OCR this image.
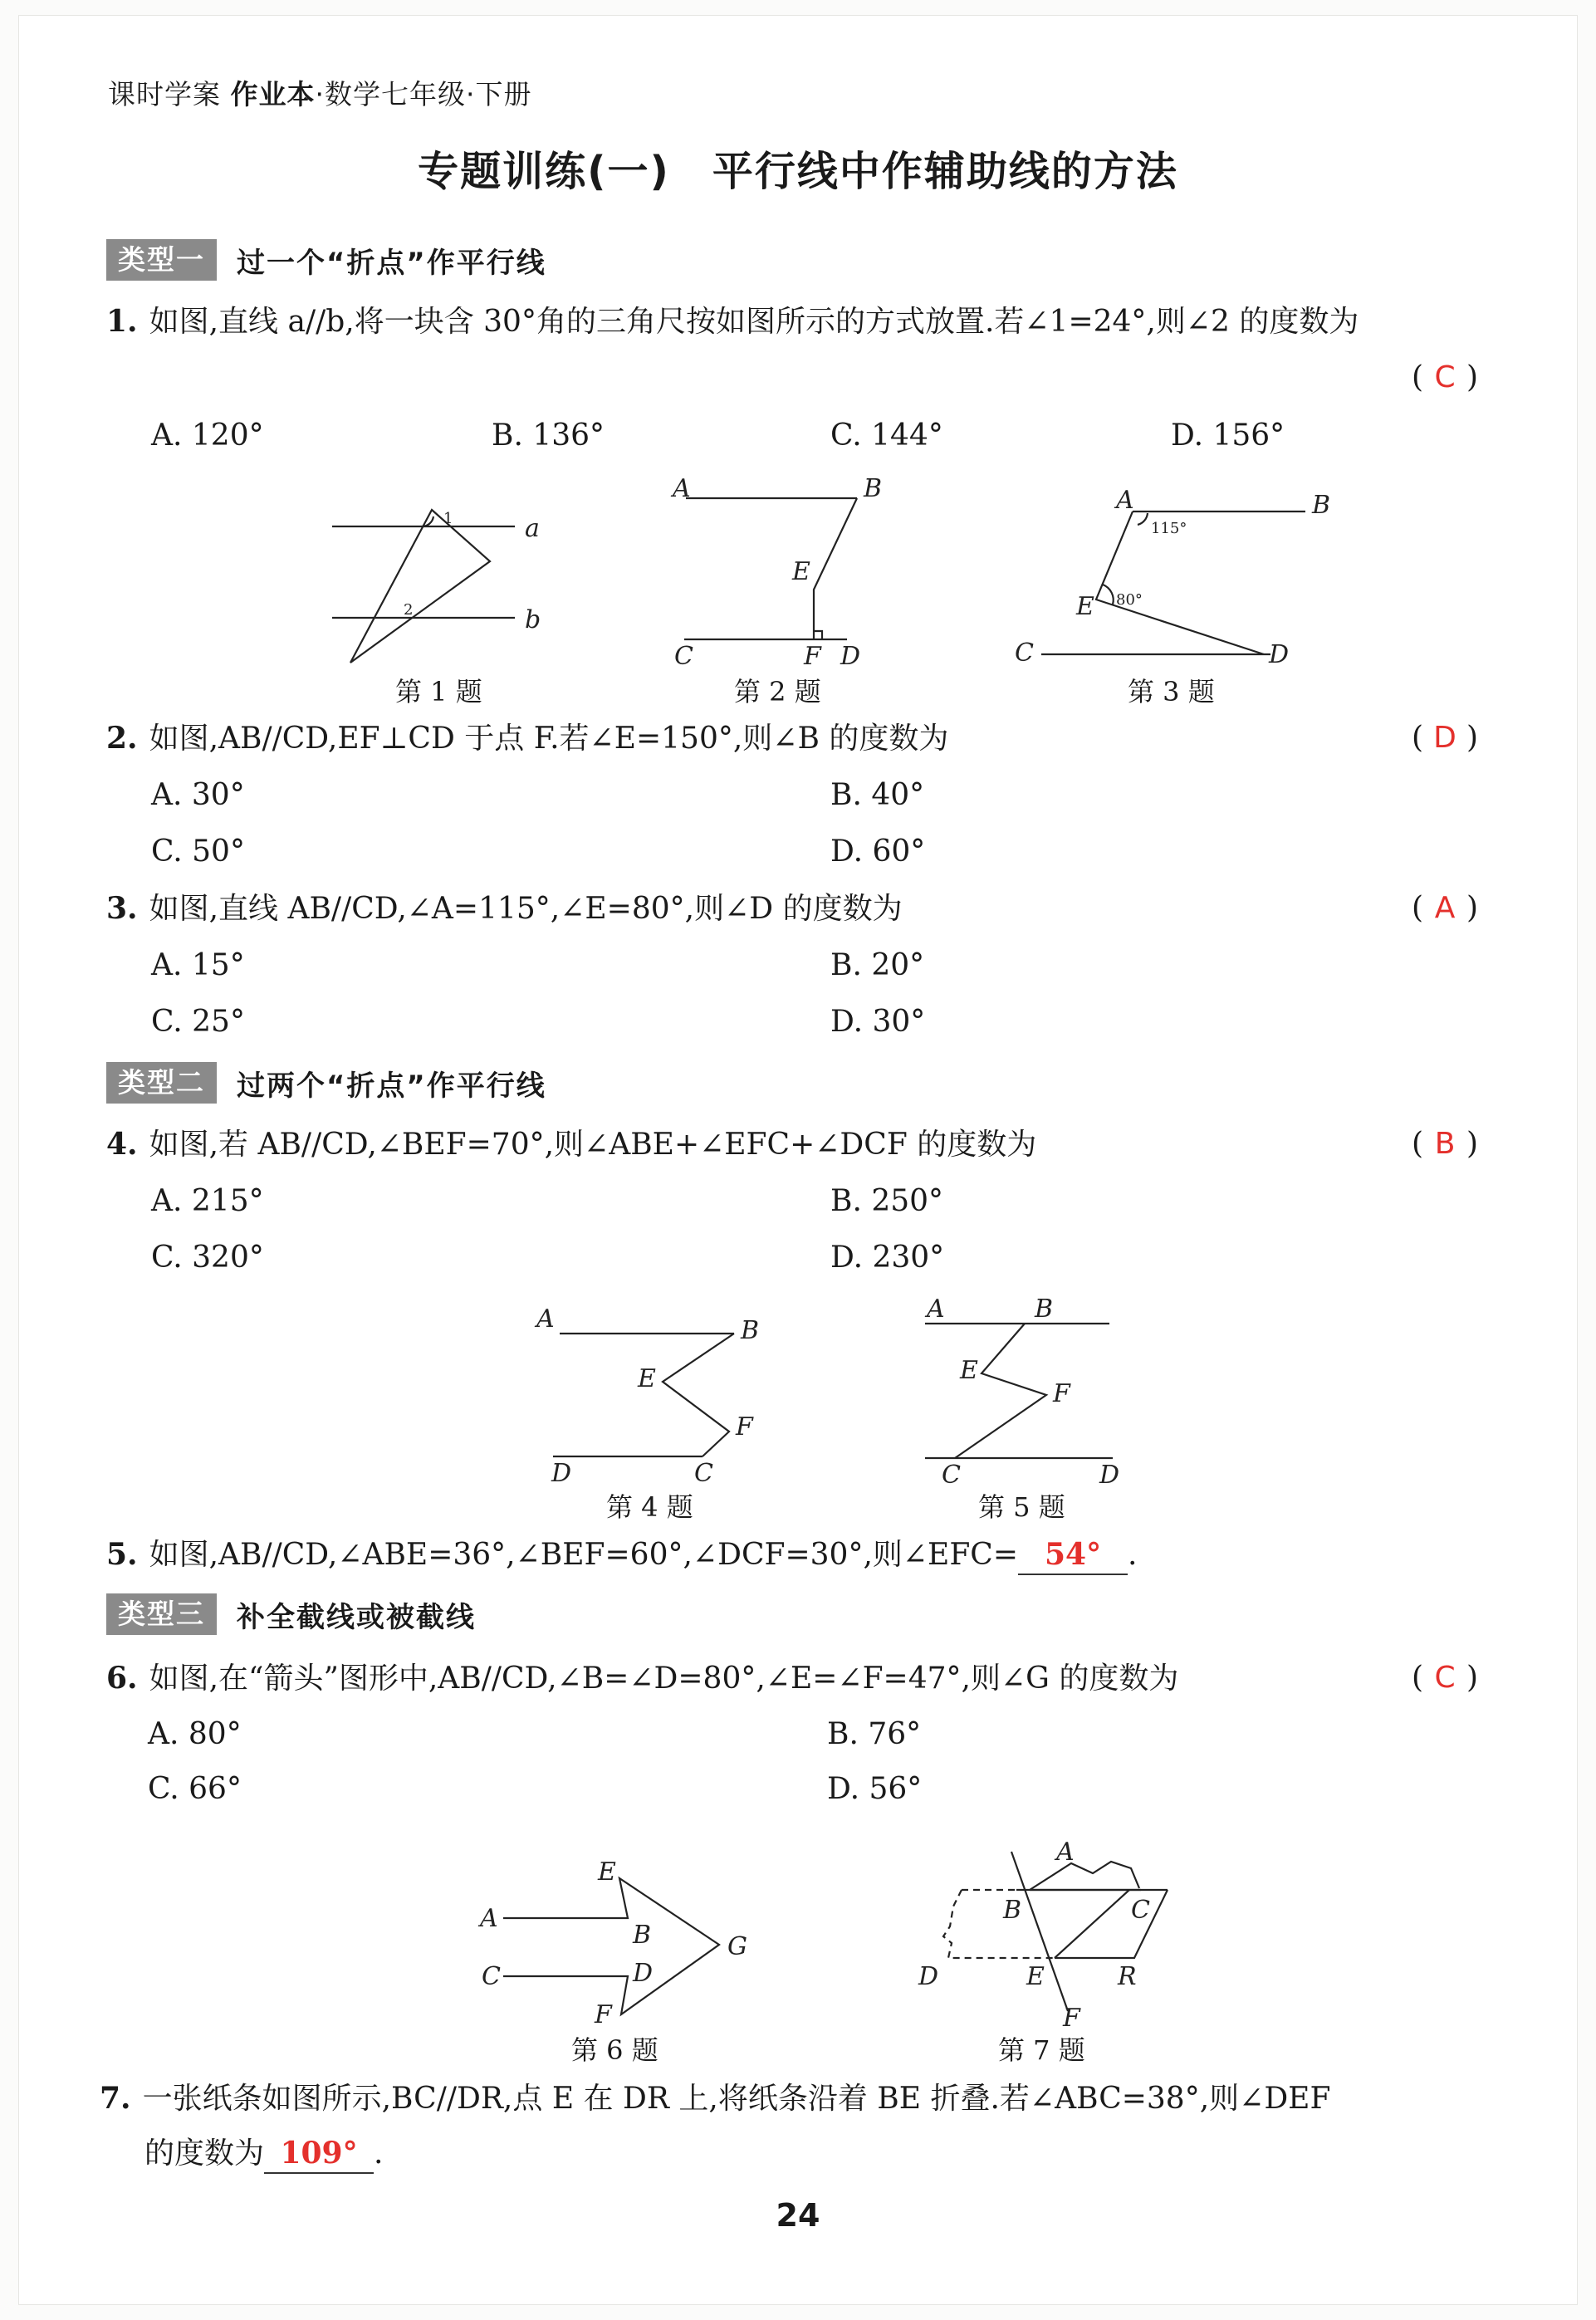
课时学案 作业本·数学七年级·下册
专题训练(一)　平行线中作辅助线的方法
类型一	过一个“折点”作平行线
1. 如图,直线 a//b,将一块含 30°角的三角尺按如图所示的方式放置.若∠1=24°,则∠2 的度数为
( C )
A. 120°	B. 136°	C. 144°	D. 156°
a
b
1
2
第 1 题
A	B
E
C	F D
第 2 题
A	B
E
C	D
115°
80°
第 3 题
2. 如图,AB//CD,EF⊥CD 于点 F.若∠E=150°,则∠B 的度数为	( D )
A. 30°	B. 40°
C. 50°	D. 60°
3. 如图,直线 AB//CD,∠A=115°,∠E=80°,则∠D 的度数为	( A )
A. 15°	B. 20°
C. 25°	D. 30°
类型二	过两个“折点”作平行线
4. 如图,若 AB//CD,∠BEF=70°,则∠ABE+∠EFC+∠DCF 的度数为	( B )
A. 215°	B. 250°
C. 320°	D. 230°
A	B
E
F
D	C
第 4 题
A	B
E
F
C	D
第 5 题
5. 如图,AB//CD,∠ABE=36°,∠BEF=60°,∠DCF=30°,则∠EFC= 54° .
类型三	补全截线或被截线
6. 如图,在“箭头”图形中,AB//CD,∠B=∠D=80°,∠E=∠F=47°,则∠G 的度数为	( C )
A. 80°	B. 76°
C. 66°	D. 56°
A
E
B	G
C	D
F
第 6 题
A
B	C
D	E	R
F
第 7 题
7. 一张纸条如图所示,BC//DR,点 E 在 DR 上,将纸条沿着 BE 折叠.若∠ABC=38°,则∠DEF
的度数为 109° .
24
